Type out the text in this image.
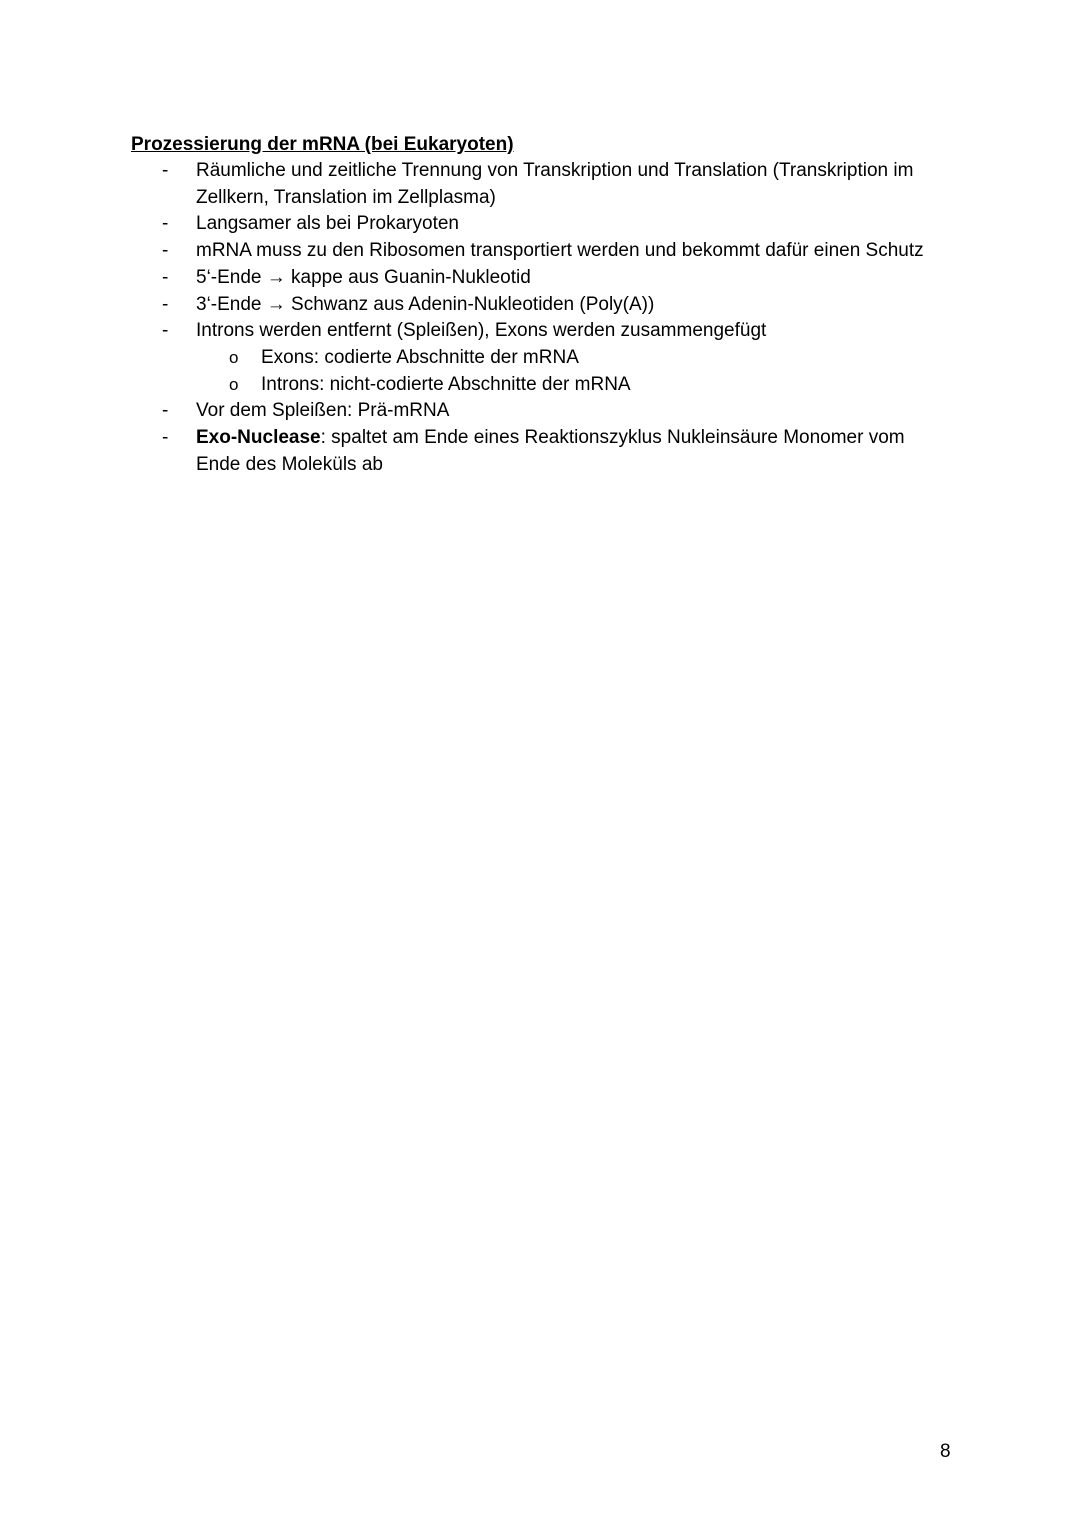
Prozessierung der mRNA (bei Eukaryoten)
- Räumliche und zeitliche Trennung von Transkription und Translation (Transkription im Zellkern, Translation im Zellplasma)
- Langsamer als bei Prokaryoten
- mRNA muss zu den Ribosomen transportiert werden und bekommt dafür einen Schutz
- 5‘-Ende → kappe aus Guanin-Nukleotid
- 3‘-Ende → Schwanz aus Adenin-Nukleotiden (Poly(A))
- Introns werden entfernt (Spleißen), Exons werden zusammengefügt
o Exons: codierte Abschnitte der mRNA
o Introns: nicht-codierte Abschnitte der mRNA
- Vor dem Spleißen: Prä-mRNA
- Exo-Nuclease: spaltet am Ende eines Reaktionszyklus Nukleinsäure Monomer vom Ende des Moleküls ab
8
